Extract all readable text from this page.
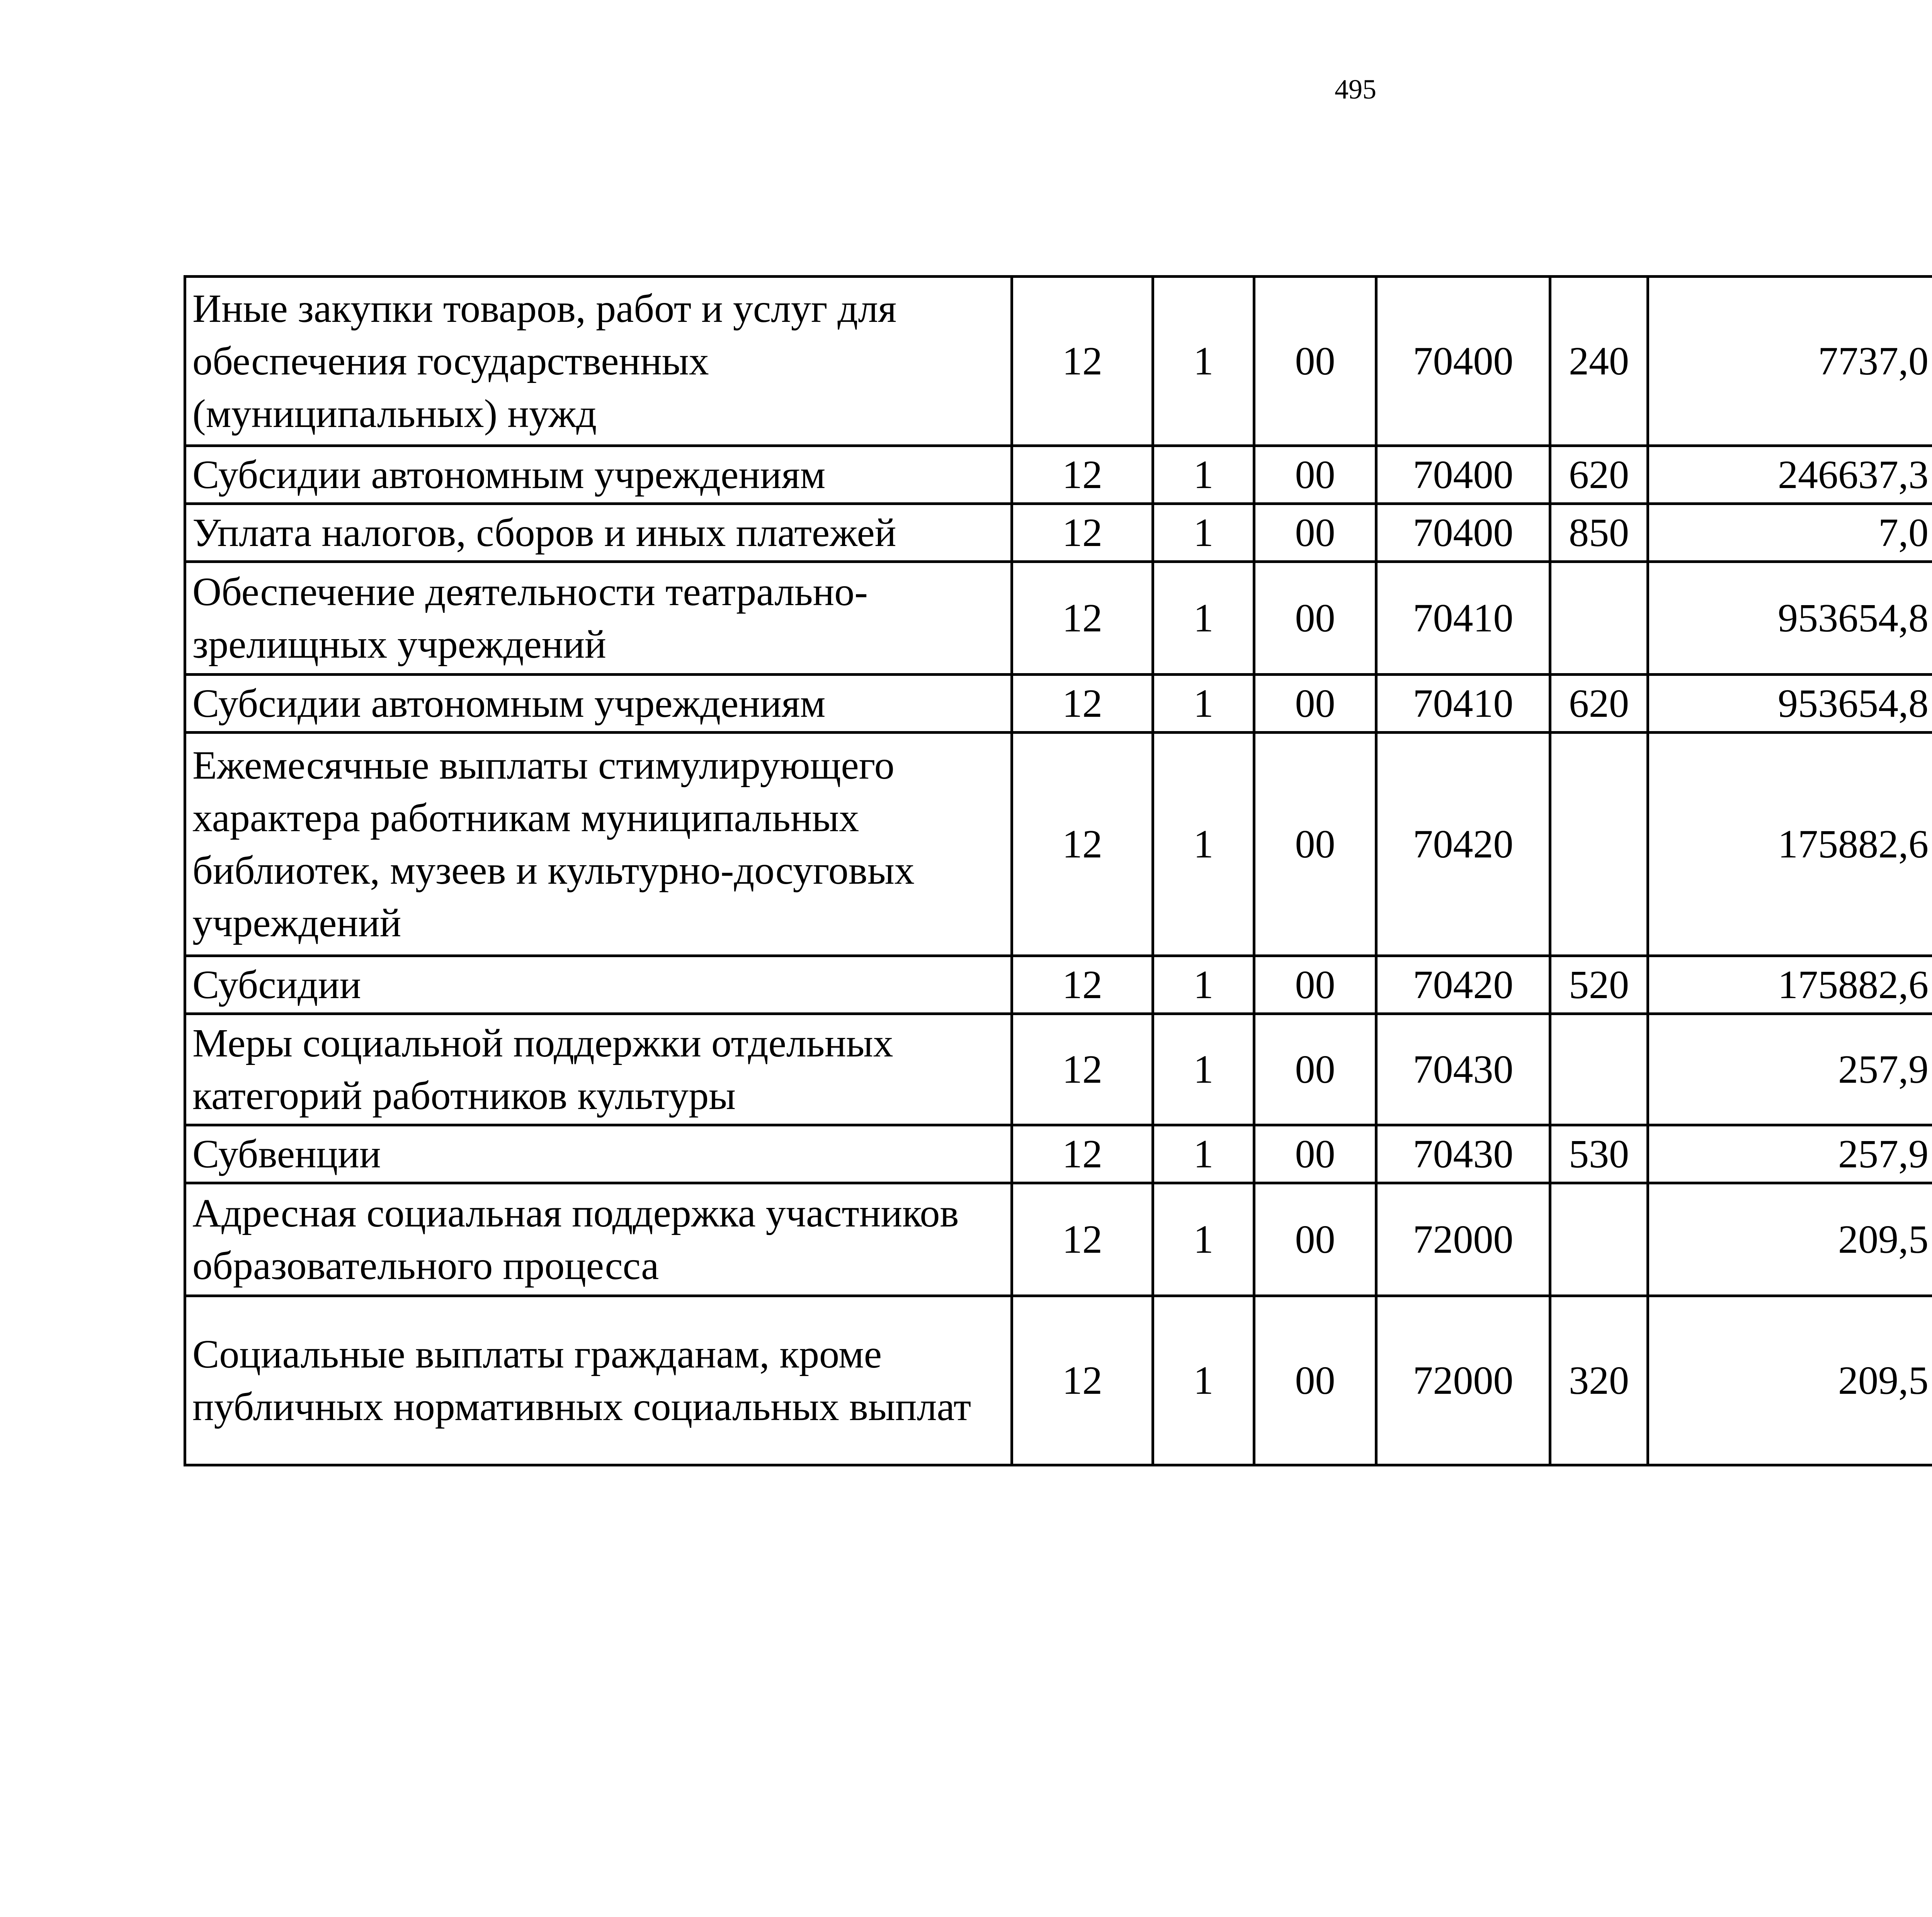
495
Иные закупки товаров, работ и услуг для обеспечения государственных (муниципальных) нужд	12	1	00	70400	240	7737,0		
Субсидии автономным учреждениям	12	1	00	70400	620	246637,3		
Уплата налогов, сборов и иных платежей	12	1	00	70400	850	7,0		
Обеспечение деятельности театрально-зрелищных учреждений	12	1	00	70410		953654,8		
Субсидии автономным учреждениям	12	1	00	70410	620	953654,8		
Ежемесячные выплаты стимулирующего характера работникам муниципальных библиотек, музеев и культурно-досуговых учреждений	12	1	00	70420		175882,6		
Субсидии	12	1	00	70420	520	175882,6		
Меры социальной поддержки отдельных категорий работников культуры	12	1	00	70430		257,9		
Субвенции	12	1	00	70430	530	257,9		
Адресная социальная поддержка участников образовательного процесса	12	1	00	72000		209,5		
Социальные выплаты гражданам, кроме публичных нормативных социальных выплат	12	1	00	72000	320	209,5		
